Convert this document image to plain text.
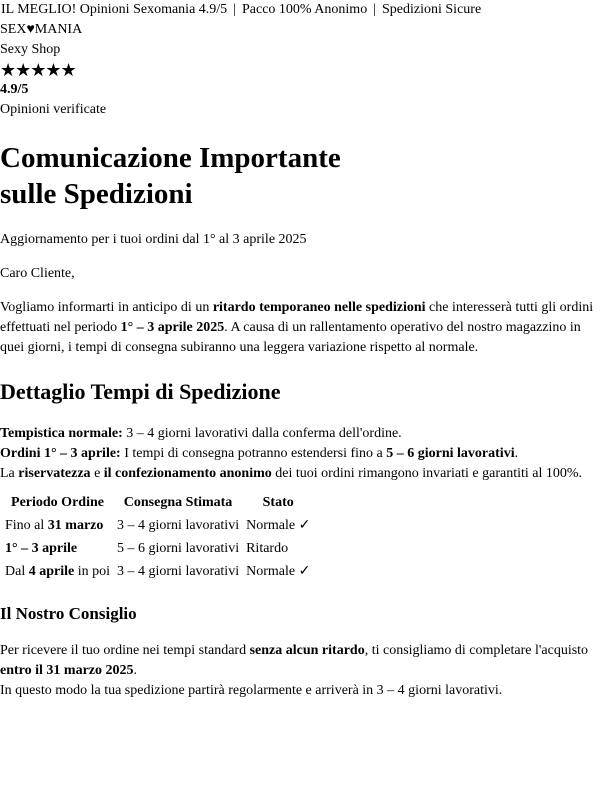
IL MEGLIO! Opinioni Sexomania 4.9/5 | Pacco 100% Anonimo | Spedizioni Sicure
SEX♥MANIA
Sexy Shop
★★★★★
4.9/5
Opinioni verificate
Comunicazione Importante
sulle Spedizioni
Aggiornamento per i tuoi ordini dal 1° al 3 aprile 2025

Caro Cliente,

Vogliamo informarti in anticipo di un ritardo temporaneo nelle spedizioni che interesserà tutti gli ordini effettuati nel periodo 1° – 3 aprile 2025. A causa di un rallentamento operativo del nostro magazzino in quei giorni, i tempi di consegna subiranno una leggera variazione rispetto al normale.

Dettaglio Tempi di Spedizione
Tempistica normale: 3 – 4 giorni lavorativi dalla conferma dell'ordine.
Ordini 1° – 3 aprile: I tempi di consegna potranno estendersi fino a 5 – 6 giorni lavorativi.
La riservatezza e il confezionamento anonimo dei tuoi ordini rimangono invariati e garantiti al 100%.
Periodo Ordine	Consegna Stimata	Stato
Fino al 31 marzo	3 – 4 giorni lavorativi	Normale ✓
1° – 3 aprile	5 – 6 giorni lavorativi	Ritardo
Dal 4 aprile in poi	3 – 4 giorni lavorativi	Normale ✓
Il Nostro Consiglio
Per ricevere il tuo ordine nei tempi standard senza alcun ritardo, ti consigliamo di completare l'acquisto entro il 31 marzo 2025.
In questo modo la tua spedizione partirà regolarmente e arriverà in 3 – 4 giorni lavorativi.
